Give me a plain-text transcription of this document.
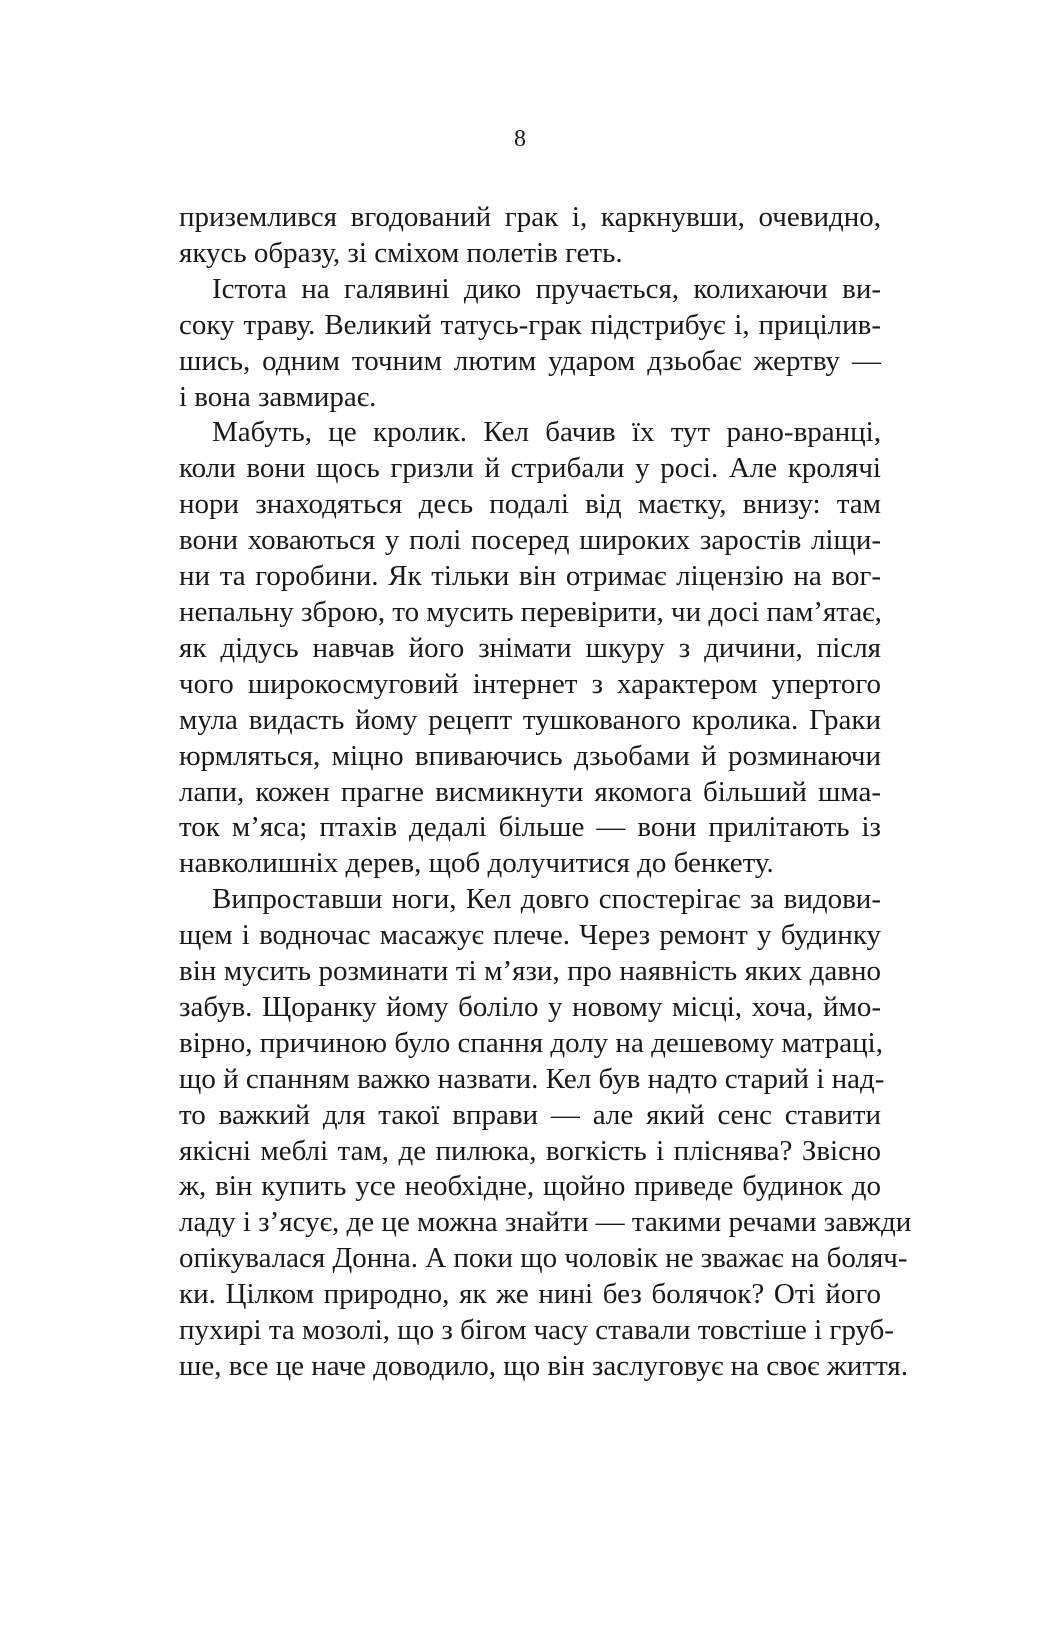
8
приземлився вгодований грак і, каркнувши, очевидно,
якусь образу, зі сміхом полетів геть.
Істота на галявині дико пручається, колихаючи ви-
соку траву. Великий татусь-грак підстрибує і, прицілив-
шись, одним точним лютим ударом дзьобає жертву —
і вона завмирає.
Мабуть, це кролик. Кел бачив їх тут рано-вранці,
коли вони щось гризли й стрибали у росі. Але кролячі
нори знаходяться десь подалі від маєтку, внизу: там
вони ховаються у полі посеред широких заростів ліщи-
ни та горобини. Як тільки він отримає ліцензію на вог-
непальну зброю, то мусить перевірити, чи досі пам’ятає,
як дідусь навчав його знімати шкуру з дичини, після
чого широкосмуговий інтернет з характером упертого
мула видасть йому рецепт тушкованого кролика. Граки
юрмляться, міцно впиваючись дзьобами й розминаючи
лапи, кожен прагне висмикнути якомога більший шма-
ток м’яса; птахів дедалі більше — вони прилітають із
навколишніх дерев, щоб долучитися до бенкету.
Випроставши ноги, Кел довго спостерігає за видови-
щем і водночас масажує плече. Через ремонт у будинку
він мусить розминати ті м’язи, про наявність яких давно
забув. Щоранку йому боліло у новому місці, хоча, ймо-
вірно, причиною було спання долу на дешевому матраці,
що й спанням важко назвати. Кел був надто старий і над-
то важкий для такої вправи — але який сенс ставити
якісні меблі там, де пилюка, вогкість і пліснява? Звісно
ж, він купить усе необхідне, щойно приведе будинок до
ладу і з’ясує, де це можна знайти — такими речами завжди
опікувалася Донна. А поки що чоловік не зважає на боляч-
ки. Цілком природно, як же нині без болячок? Оті його
пухирі та мозолі, що з бігом часу ставали товстіше і груб-
ше, все це наче доводило, що він заслуговує на своє життя.
